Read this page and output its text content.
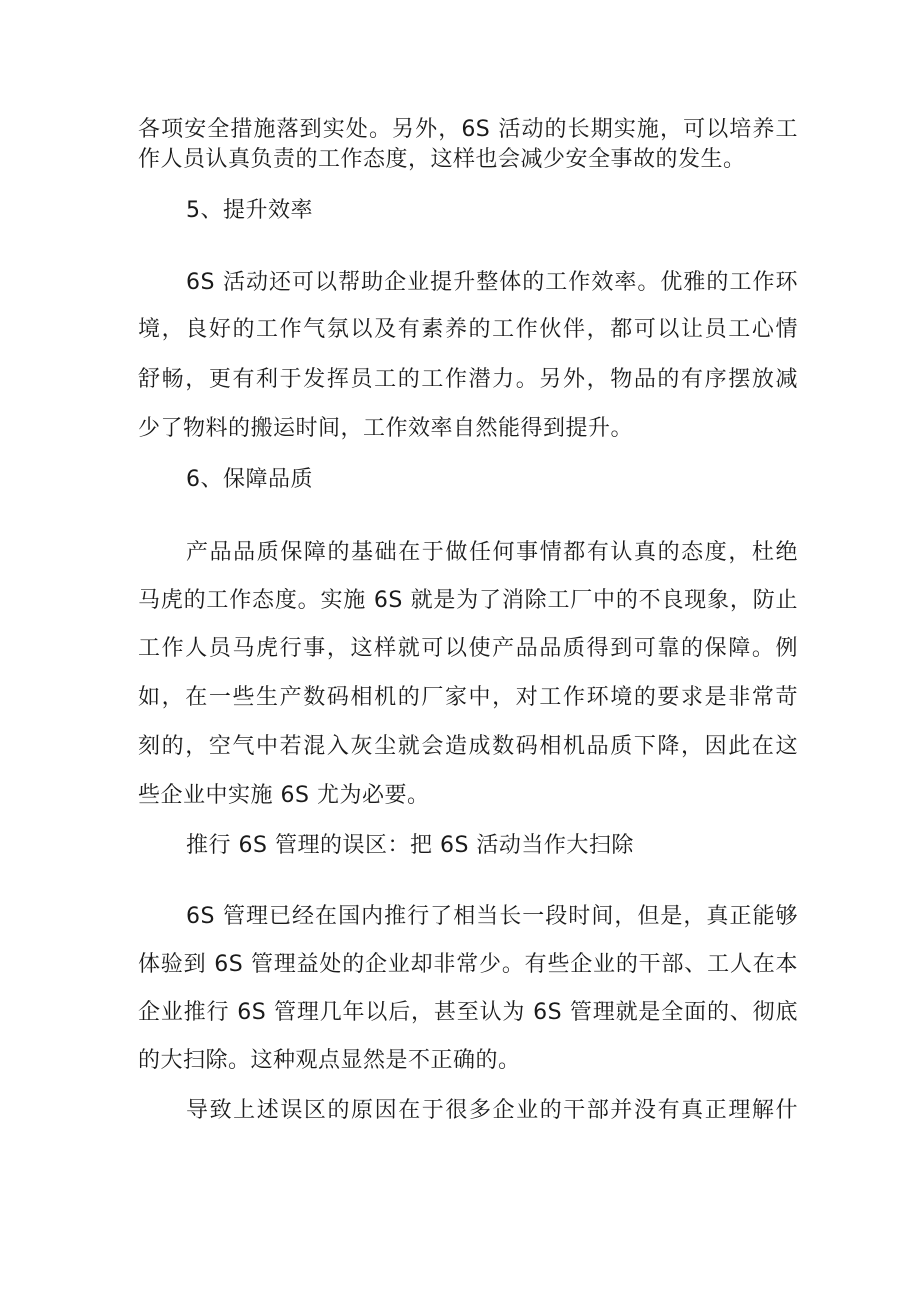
各项安全措施落到实处。另外，6S 活动的长期实施，可以培养工
作人员认真负责的工作态度，这样也会减少安全事故的发生。
5、提升效率
6S 活动还可以帮助企业提升整体的工作效率。优雅的工作环
境，良好的工作气氛以及有素养的工作伙伴，都可以让员工心情
舒畅，更有利于发挥员工的工作潜力。另外，物品的有序摆放减
少了物料的搬运时间，工作效率自然能得到提升。
6、保障品质
产品品质保障的基础在于做任何事情都有认真的态度，杜绝
马虎的工作态度。实施 6S 就是为了消除工厂中的不良现象，防止
工作人员马虎行事，这样就可以使产品品质得到可靠的保障。例
如，在一些生产数码相机的厂家中，对工作环境的要求是非常苛
刻的，空气中若混入灰尘就会造成数码相机品质下降，因此在这
些企业中实施 6S 尤为必要。
推行 6S 管理的误区：把 6S 活动当作大扫除
6S 管理已经在国内推行了相当长一段时间，但是，真正能够
体验到 6S 管理益处的企业却非常少。有些企业的干部、工人在本
企业推行 6S 管理几年以后，甚至认为 6S 管理就是全面的、彻底
的大扫除。这种观点显然是不正确的。
导致上述误区的原因在于很多企业的干部并没有真正理解什
